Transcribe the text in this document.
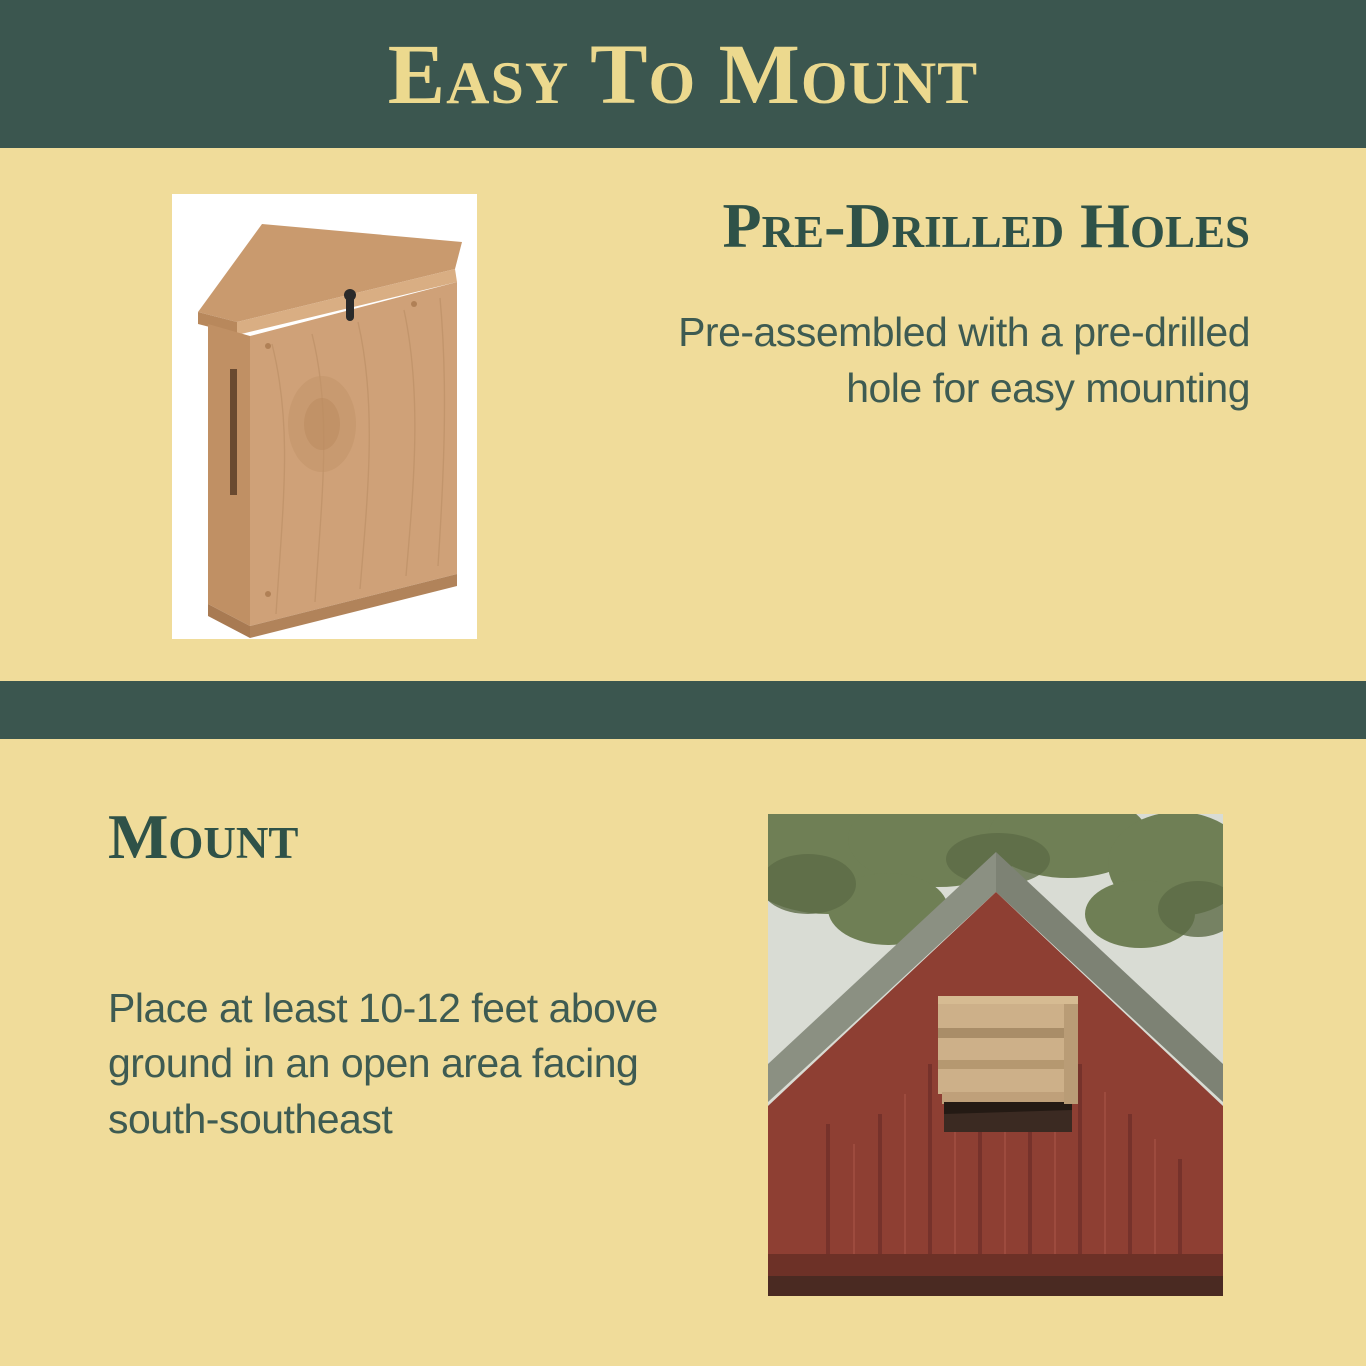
Easy To Mount
Pre-Drilled Holes

Pre-assembled with a pre-drilled hole for easy mounting

Mount

Place at least 10-12 feet above ground in an open area facing south-southeast
